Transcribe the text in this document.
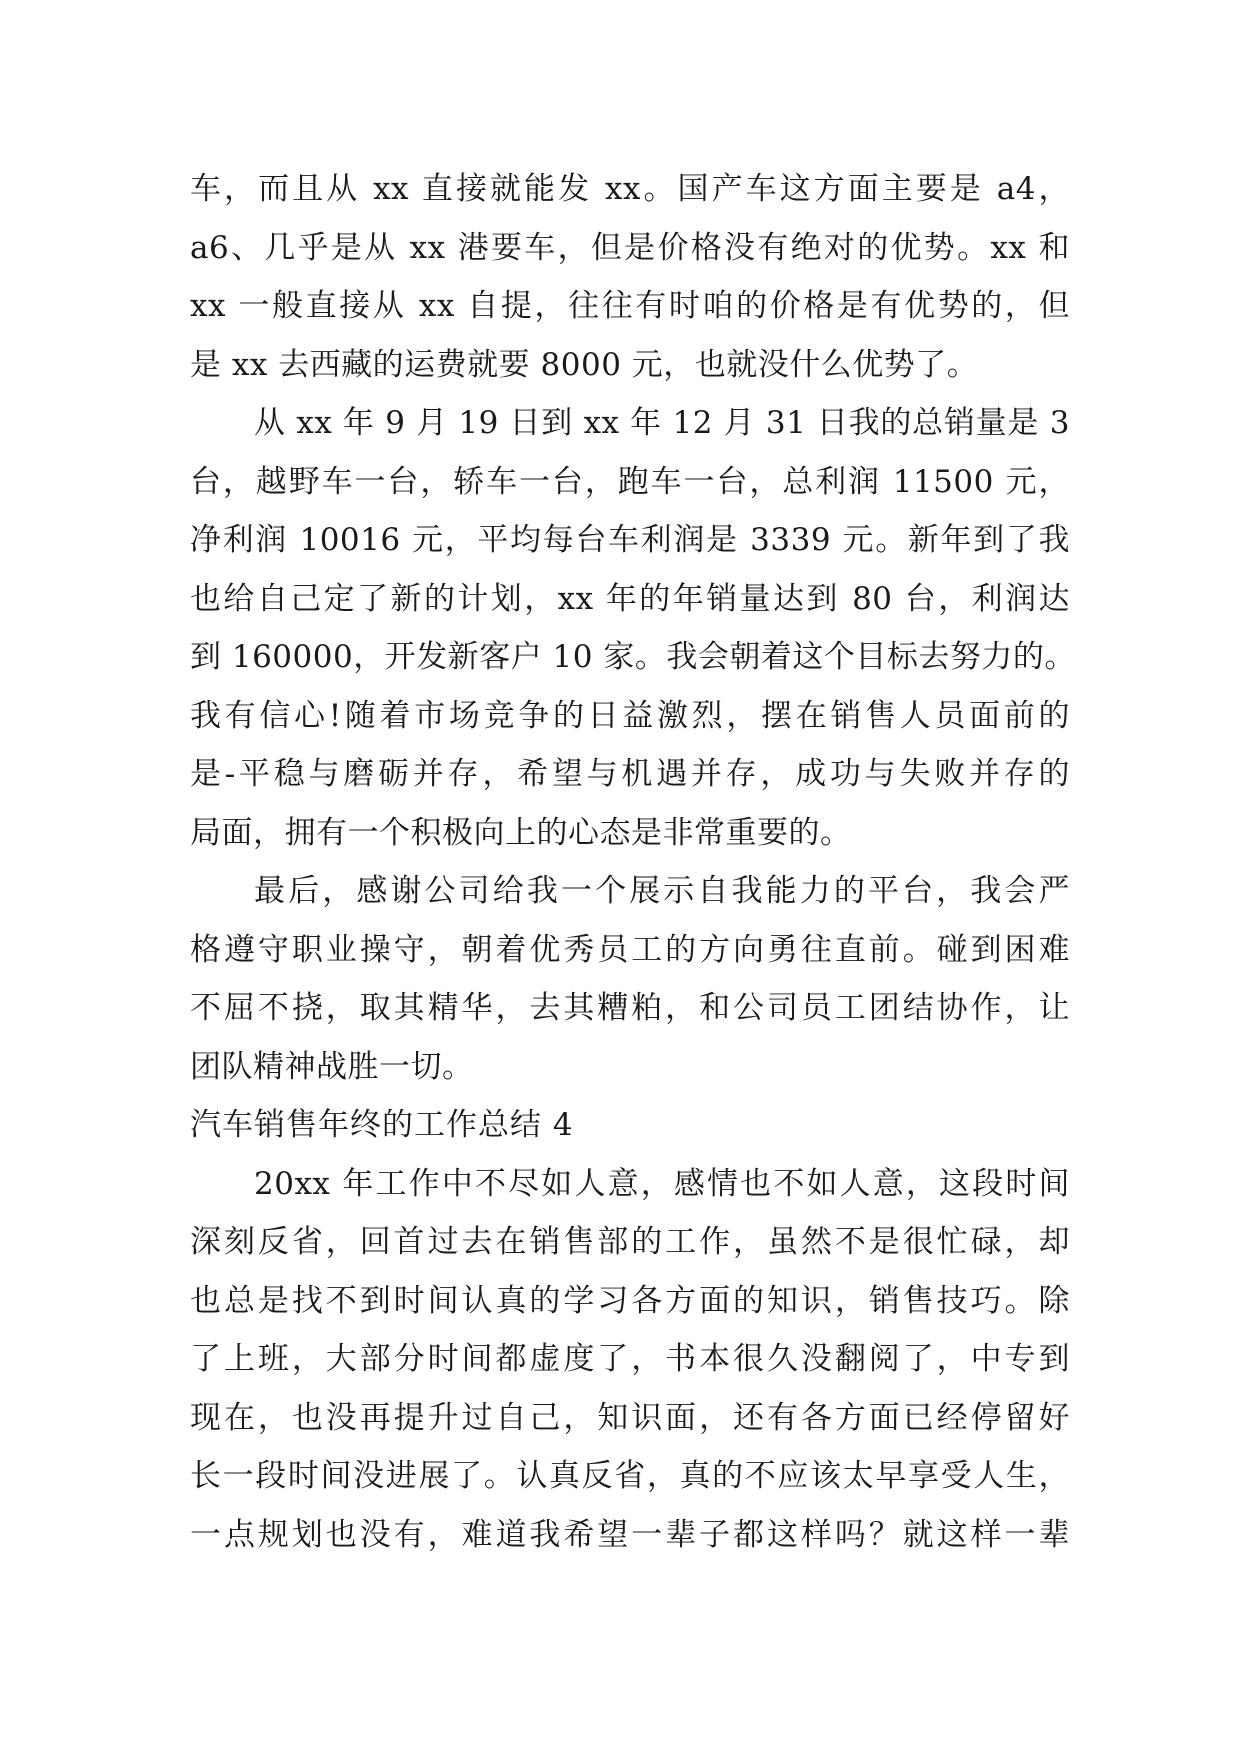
车，而且从 xx 直接就能发 xx。国产车这方面主要是 a4，
a6、几乎是从 xx 港要车，但是价格没有绝对的优势。xx 和
xx 一般直接从 xx 自提，往往有时咱的价格是有优势的，但
是 xx 去西藏的运费就要 8000 元，也就没什么优势了。
从 xx 年 9 月 19 日到 xx 年 12 月 31 日我的总销量是 3
台，越野车一台，轿车一台，跑车一台，总利润 11500 元，
净利润 10016 元，平均每台车利润是 3339 元。新年到了我
也给自己定了新的计划，xx 年的年销量达到 80 台，利润达
到 160000，开发新客户 10 家。我会朝着这个目标去努力的。
我有信心!随着市场竞争的日益激烈，摆在销售人员面前的
是-平稳与磨砺并存，希望与机遇并存，成功与失败并存的
局面，拥有一个积极向上的心态是非常重要的。
最后，感谢公司给我一个展示自我能力的平台，我会严
格遵守职业操守，朝着优秀员工的方向勇往直前。碰到困难
不屈不挠，取其精华，去其糟粕，和公司员工团结协作，让
团队精神战胜一切。
汽车销售年终的工作总结 4
20xx 年工作中不尽如人意，感情也不如人意，这段时间
深刻反省，回首过去在销售部的工作，虽然不是很忙碌，却
也总是找不到时间认真的学习各方面的知识，销售技巧。除
了上班，大部分时间都虚度了，书本很久没翻阅了，中专到
现在，也没再提升过自己，知识面，还有各方面已经停留好
长一段时间没进展了。认真反省，真的不应该太早享受人生，
一点规划也没有，难道我希望一辈子都这样吗？就这样一辈
